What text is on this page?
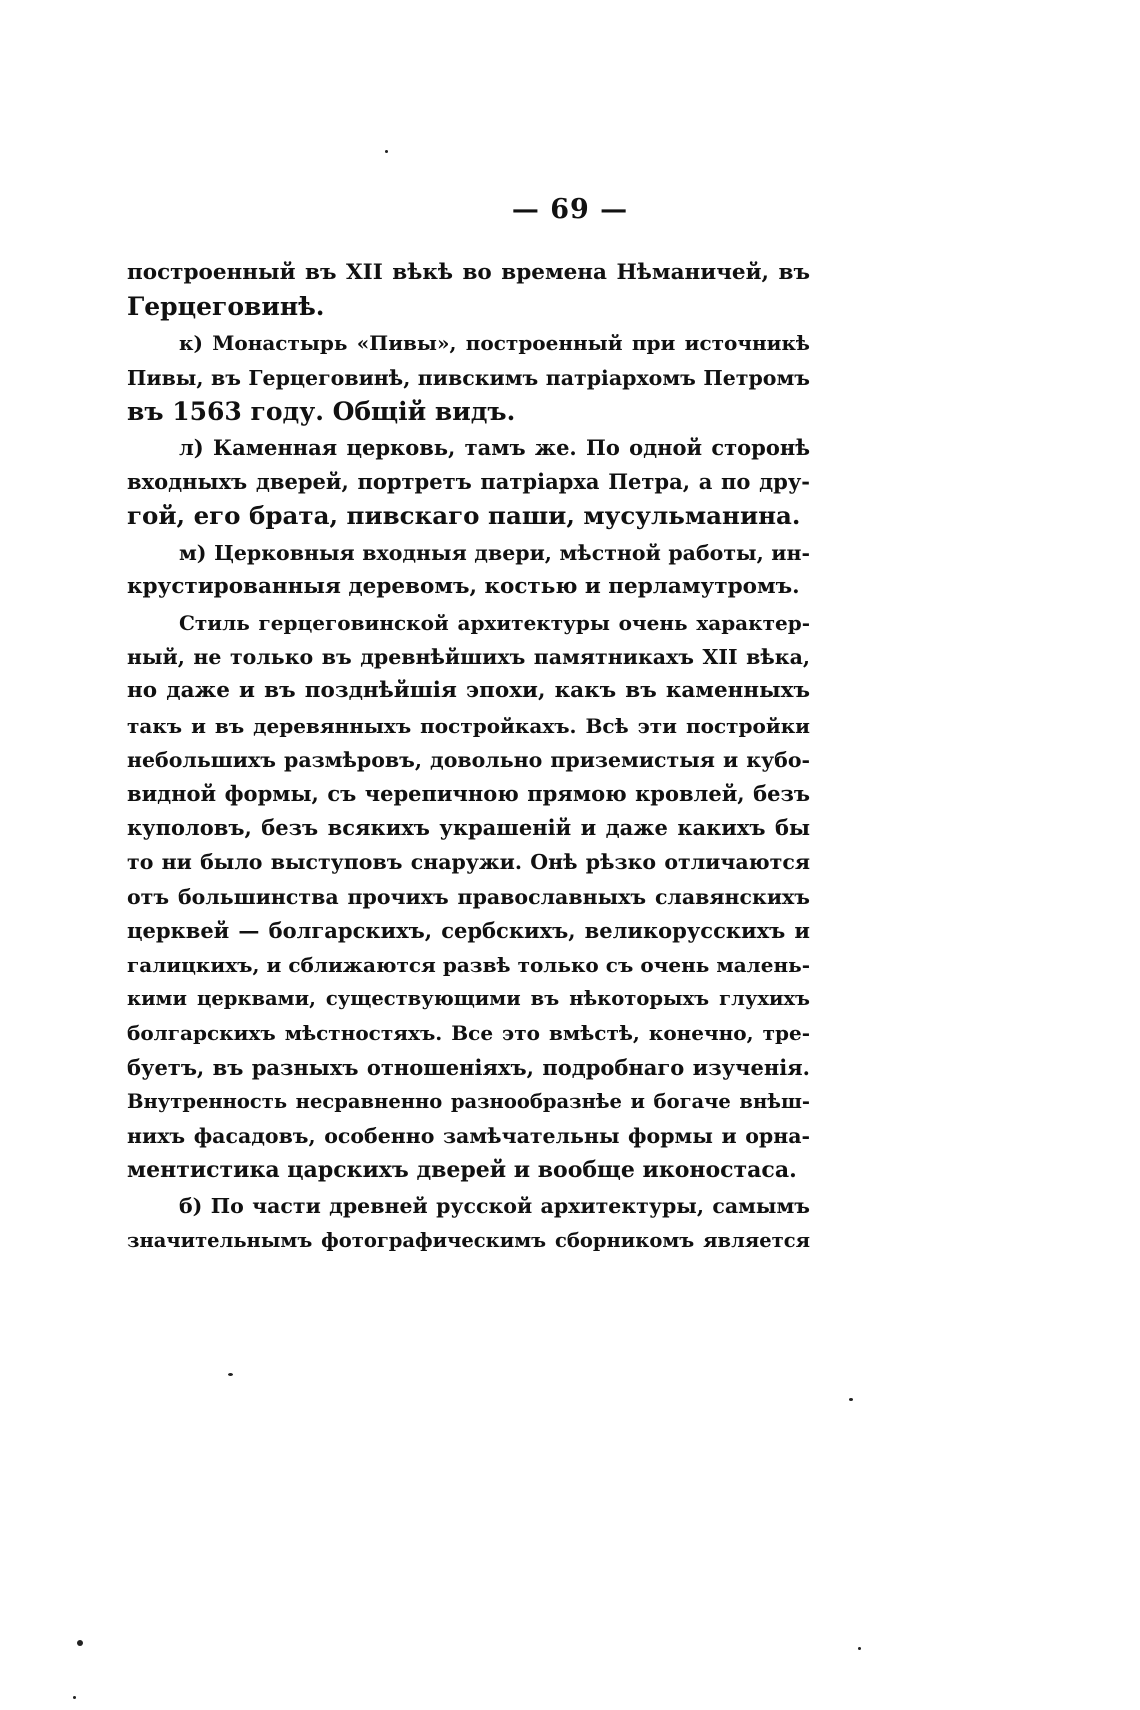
— 69 —
построенный въ XII вѣкѣ во времена Нѣманичей, въ
Герцеговинѣ.
к) Монастырь «Пивы», построенный при источникѣ
Пивы, въ Герцеговинѣ, пивскимъ патріархомъ Петромъ
въ 1563 году. Общій видъ.
л) Каменная церковь, тамъ же. По одной сторонѣ
входныхъ дверей, портретъ патріарха Петра, а по дру-
гой, его брата, пивскаго паши, мусульманина.
м) Церковныя входныя двери, мѣстной работы, ин-
крустированныя деревомъ, костью и перламутромъ.
Стиль герцеговинской архитектуры очень характер-
ный, не только въ древнѣйшихъ памятникахъ XII вѣка,
но даже и въ позднѣйшія эпохи, какъ въ каменныхъ
такъ и въ деревянныхъ постройкахъ. Всѣ эти постройки
небольшихъ размѣровъ, довольно приземистыя и кубо-
видной формы, съ черепичною прямою кровлей, безъ
куполовъ, безъ всякихъ украшеній и даже какихъ бы
то ни было выступовъ снаружи. Онѣ рѣзко отличаются
отъ большинства прочихъ православныхъ славянскихъ
церквей — болгарскихъ, сербскихъ, великорусскихъ и
галицкихъ, и сближаются развѣ только съ очень малень-
кими церквами, существующими въ нѣкоторыхъ глухихъ
болгарскихъ мѣстностяхъ. Все это вмѣстѣ, конечно, тре-
буетъ, въ разныхъ отношеніяхъ, подробнаго изученія.
Внутренность несравненно разнообразнѣе и богаче внѣш-
нихъ фасадовъ, особенно замѣчательны формы и орна-
ментистика царскихъ дверей и вообще иконостаса.
б) По части древней русской архитектуры, самымъ
значительнымъ фотографическимъ сборникомъ является
